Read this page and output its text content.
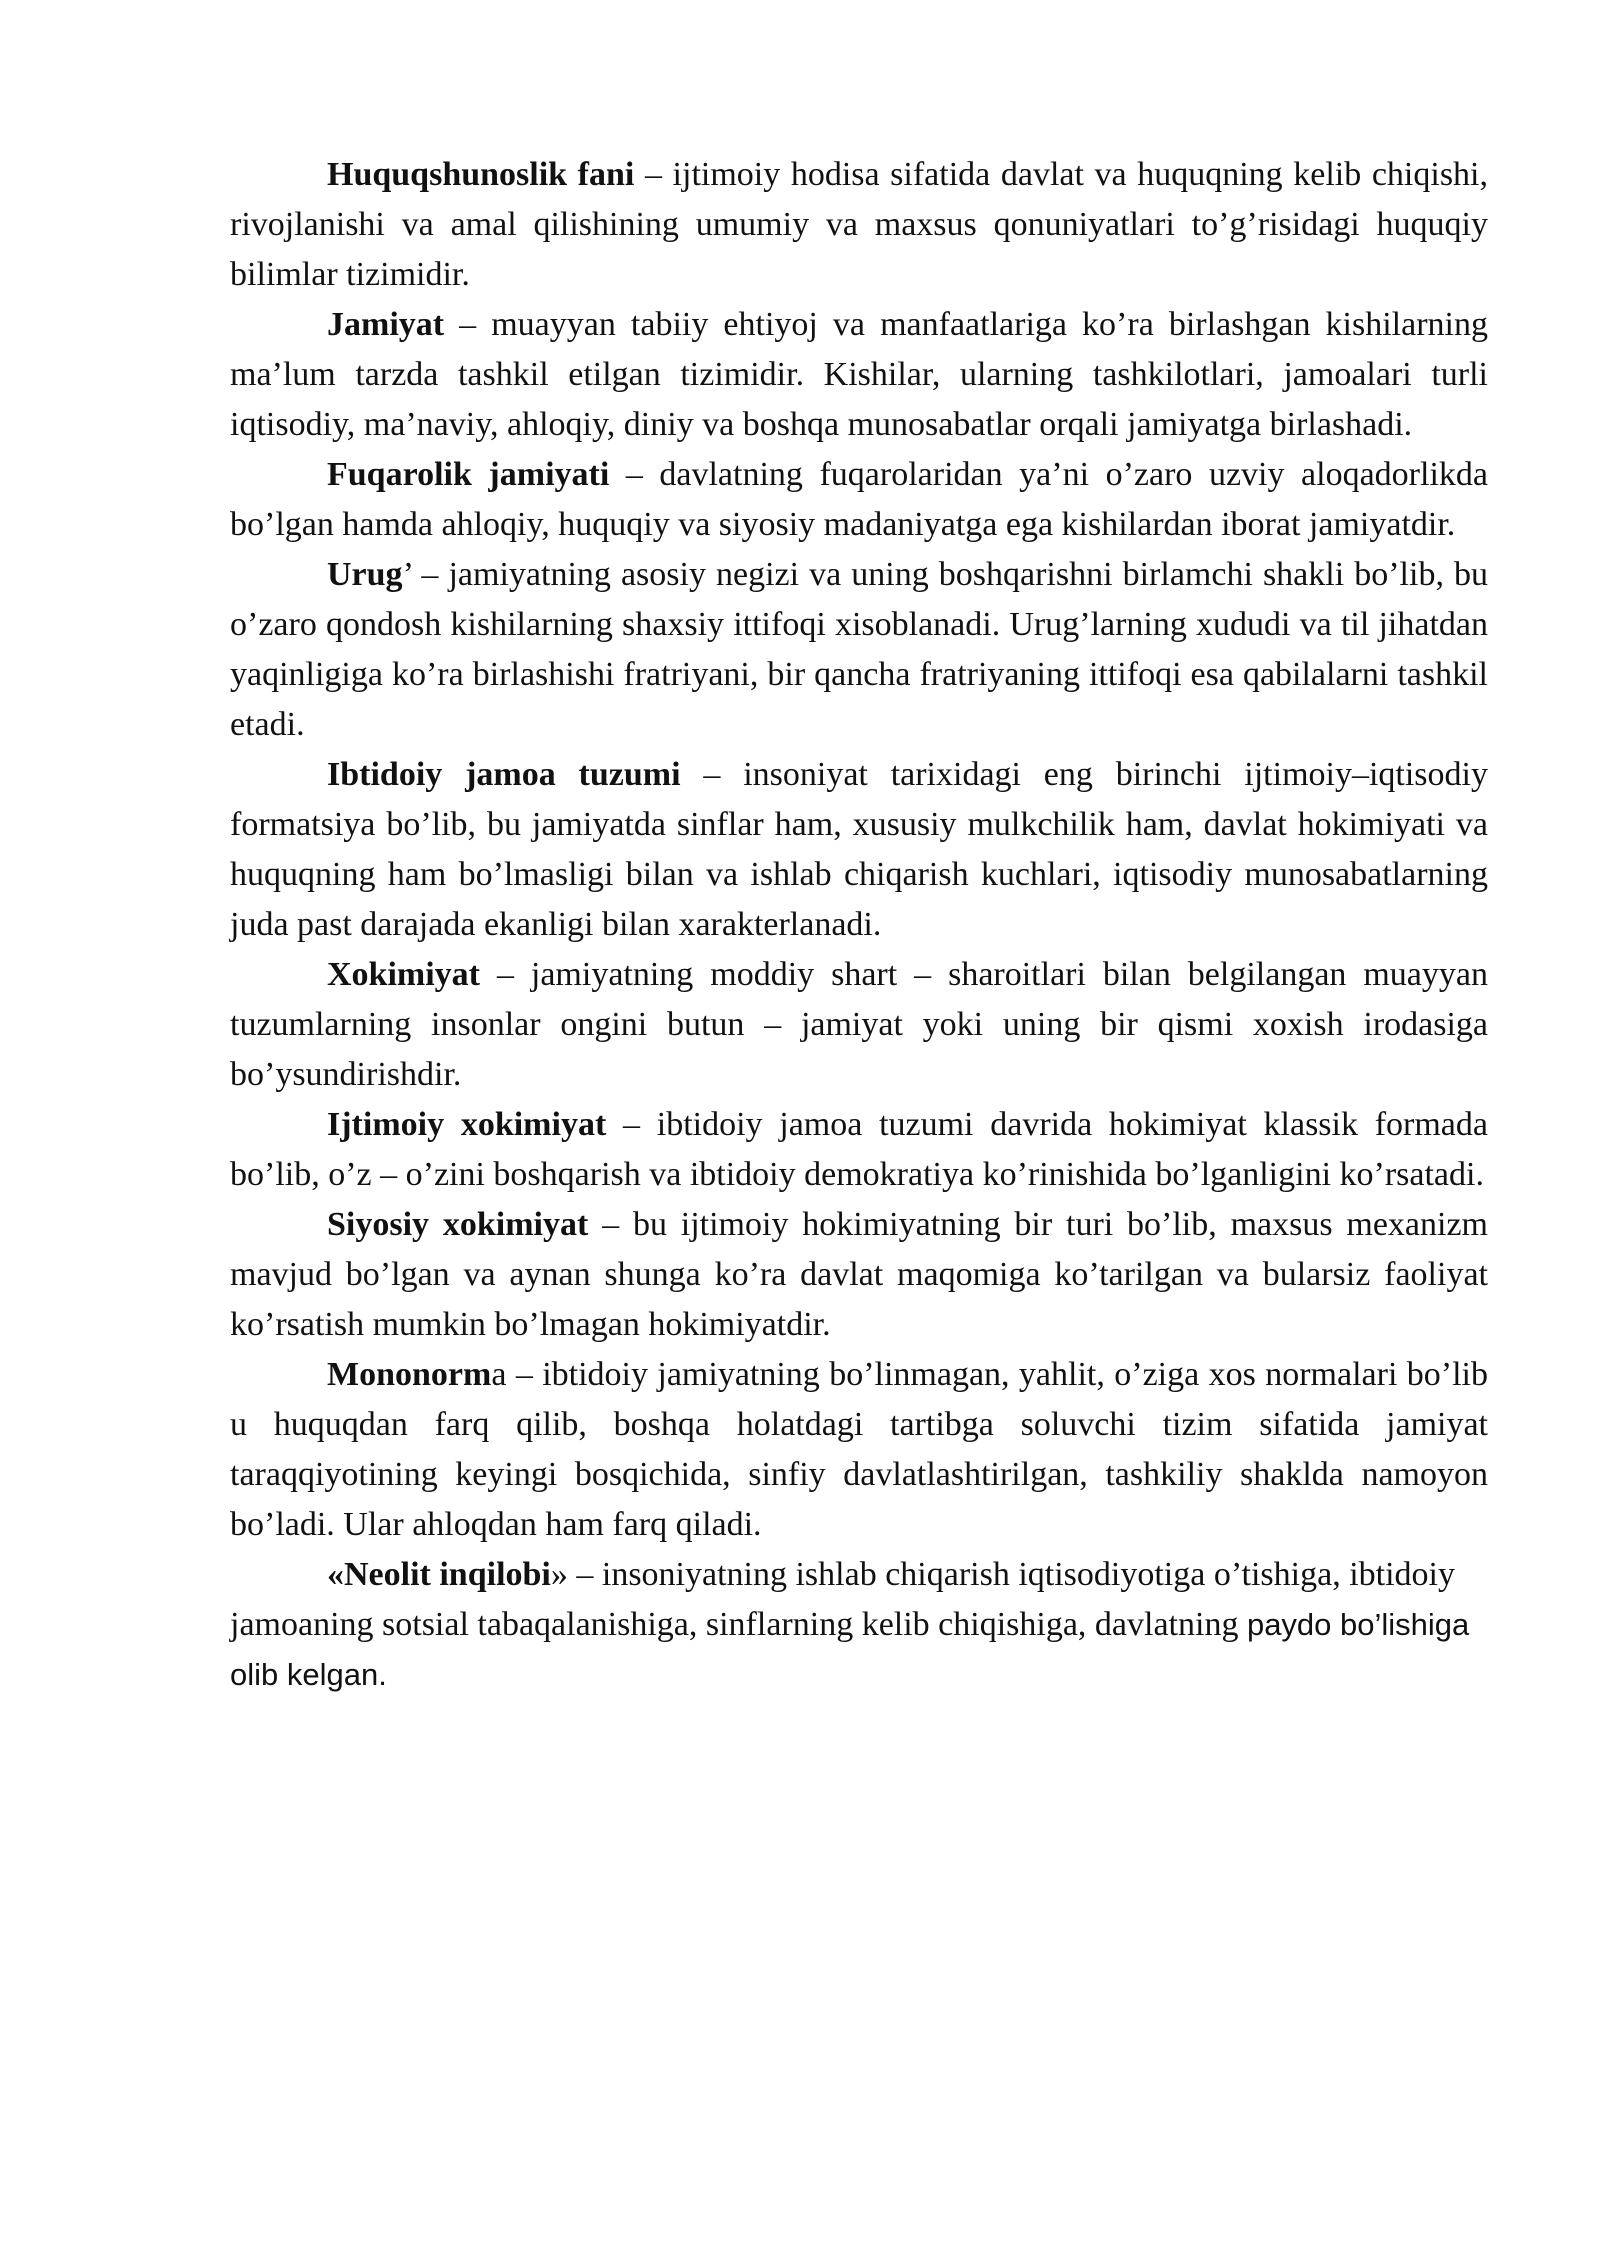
Huquqshunoslik fani – ijtimoiy hodisa sifatida davlat va huquqning kelib chiqishi, rivojlanishi va amal qilishining umumiy va maxsus qonuniyatlari to’g’risidagi huquqiy bilimlar tizimidir.

Jamiyat – muayyan tabiiy ehtiyoj va manfaatlariga ko’ra birlashgan kishilarning ma’lum tarzda tashkil etilgan tizimidir. Kishilar, ularning tashkilotlari, jamoalari turli iqtisodiy, ma’naviy, ahloqiy, diniy va boshqa munosabatlar orqali jamiyatga birlashadi.

Fuqarolik jamiyati – davlatning fuqarolaridan ya’ni o’zaro uzviy aloqadorlikda bo’lgan hamda ahloqiy, huquqiy va siyosiy madaniyatga ega kishilardan iborat jamiyatdir.

Urug’ – jamiyatning asosiy negizi va uning boshqarishni birlamchi shakli bo’lib, bu o’zaro qondosh kishilarning shaxsiy ittifoqi xisoblanadi. Urug’larning xududi va til jihatdan yaqinligiga ko’ra birlashishi fratriyani, bir qancha fratriyaning ittifoqi esa qabilalarni tashkil etadi.

Ibtidoiy jamoa tuzumi – insoniyat tarixidagi eng birinchi ijtimoiy–iqtisodiy formatsiya bo’lib, bu jamiyatda sinflar ham, xususiy mulkchilik ham, davlat hokimiyati va huquqning ham bo’lmasligi bilan va ishlab chiqarish kuchlari, iqtisodiy munosabatlarning juda past darajada ekanligi bilan xarakterlanadi.

Xokimiyat – jamiyatning moddiy shart – sharoitlari bilan belgilangan muayyan tuzumlarning insonlar ongini butun – jamiyat yoki uning bir qismi xoxish irodasiga bo’ysundirishdir.

Ijtimoiy xokimiyat – ibtidoiy jamoa tuzumi davrida hokimiyat klassik formada bo’lib, o’z – o’zini boshqarish va ibtidoiy demokratiya ko’rinishida bo’lganligini ko’rsatadi.

Siyosiy xokimiyat – bu ijtimoiy hokimiyatning bir turi bo’lib, maxsus mexanizm mavjud bo’lgan va aynan shunga ko’ra davlat maqomiga ko’tarilgan va bularsiz faoliyat ko’rsatish mumkin bo’lmagan hokimiyatdir.

Mononorma – ibtidoiy jamiyatning bo’linmagan, yahlit, o’ziga xos normalari bo’lib u huquqdan farq qilib, boshqa holatdagi tartibga soluvchi tizim sifatida jamiyat taraqqiyotining keyingi bosqichida, sinfiy davlatlashtirilgan, tashkiliy shaklda namoyon bo’ladi. Ular ahloqdan ham farq qiladi.

«Neolit inqilobi» – insoniyatning ishlab chiqarish iqtisodiyotiga o’tishiga, ibtidoiy jamoaning sotsial tabaqalanishiga, sinflarning kelib chiqishiga, davlatning paydo bo’lishiga olib kelgan.
